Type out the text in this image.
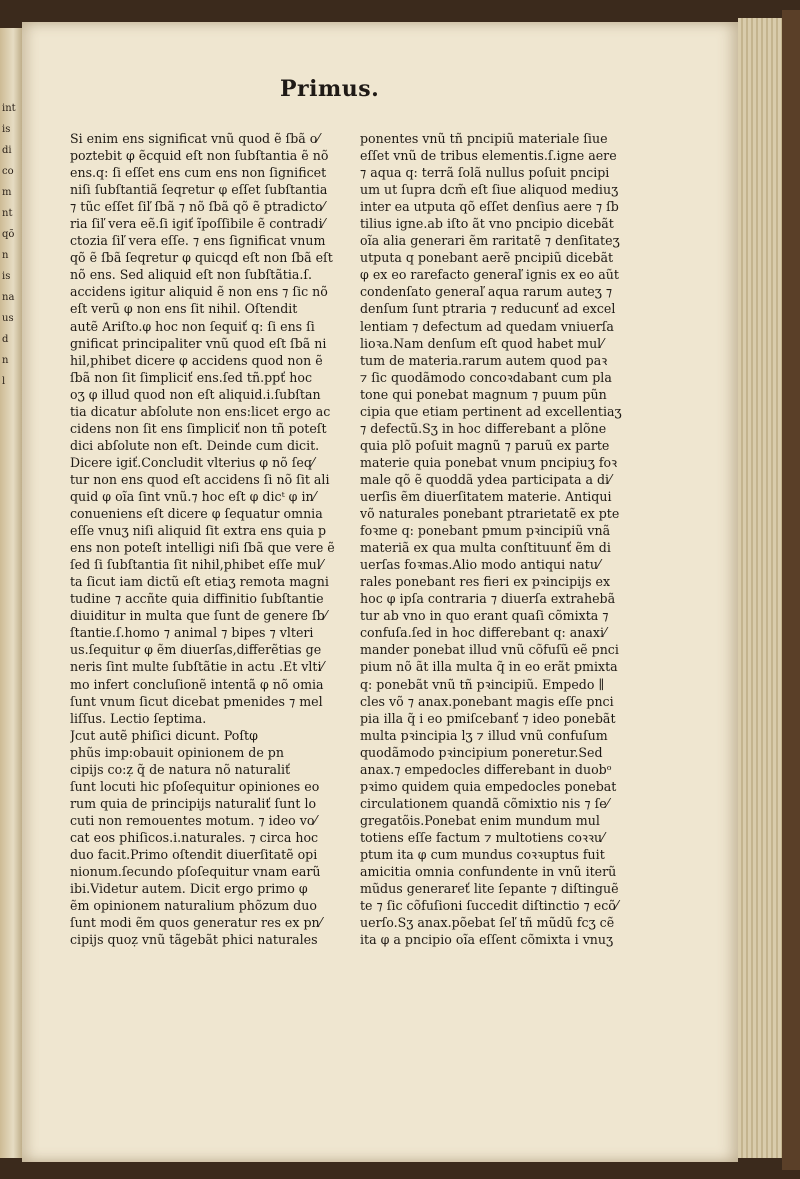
int
is
di
co
m
nt
qõ
n
is
na
us
d
n
l
Primus.
Si enim ens significat vnũ quod ẽ ſbã o⁄
poztebit φ ẽcquid eſt non ſubſtantia ẽ nõ
ens.q: ſi eſſet ens cum ens non ſignificet
niſi ſubſtantiã ſeqretur φ eſſet ſubſtantia
⁊ tũc eſſet ſiľ ſbã ⁊ nõ ſbã qõ ẽ ptradicto⁄
ria ſiľ vera eẽ.ſi igiť ĩpoſſibile ẽ contradi⁄
ctozia ſiľ vera eſſe. ⁊ ens ſignificat vnum
qõ ẽ ſbã ſeqretur φ quicqd eſt non ſbã eſt
nõ ens. Sed aliquid eſt non ſubſtãtia.ſ.
accidens igitur aliquid ẽ non ens ⁊ ſic nõ
eſt verũ φ non ens ſit nihil. Oſtendit
autẽ Ariſto.φ hoc non ſequiť q: ſi ens ſi
gnificat principaliter vnũ quod eſt ſbã ni
hil,phibet dicere φ accidens quod non ẽ
ſbã non ſit ſimpliciť ens.ſed tñ.ppť hoc
oʒ φ illud quod non eſt aliquid.i.ſubſtan
tia dicatur abſolute non ens:licet ergo ac
cidens non ſit ens ſimpliciť non tñ poteſt
dici abſolute non eſt. Deinde cum dicit.
Dicere igiť.Concludit vlterius φ nõ ſeq⁄
tur non ens quod eſt accidens ſi nõ ſit ali
quid φ oĩa ſint vnũ.⁊ hoc eſt φ dicᵗ φ in⁄
conueniens eſt dicere φ ſequatur omnia
eſſe vnuʒ niſi aliquid ſit extra ens quia p
ens non poteſt intelligi niſi ſbã que vere ẽ
ſed ſi ſubſtantia ſit nihil,phibet eſſe mul⁄
ta ſicut iam dictũ eſt etiaʒ remota magni
tudine ⁊ accñte quia diffinitio ſubſtantie
diuiditur in multa que ſunt de genere ſb⁄
ſtantie.ſ.homo ⁊ animal ⁊ bipes ⁊ vlteri
us.ſequitur φ ẽm diuerſas,differẽtias ge
neris ſint multe ſubſtãtie in actu .Et vlti⁄
mo infert concluſionẽ intentã φ nõ omia
ſunt vnum ſicut dicebat pmenides ⁊ mel
liſſus. Lectio ſeptima.
Jcut autẽ phiſici dicunt. Poſtφ
phũs imp:obauit opinionem de pn
cipijs co:ẓ q̃ de natura nõ naturaliť
ſunt locuti hic pſoſequitur opiniones eo
rum quia de principijs naturaliť ſunt lo
cuti non remouentes motum. ⁊ ideo vo⁄
cat eos phiſicos.i.naturales. ⁊ circa hoc
duo facit.Primo oſtendit diuerſitatẽ opi
nionum.ſecundo pſoſequitur vnam earũ
ibi.Videtur autem. Dicit ergo primo φ
ẽm opinionem naturalium phõzum duo
ſunt modi ẽm quos generatur res ex pn⁄
cipijs quoẓ vnũ tãgebãt phici naturales
ponentes vnũ tñ pncipiũ materiale ſiue
eſſet vnũ de tribus elementis.ſ.igne aere
⁊ aqua q: terrã ſolã nullus poſuit pncipi
um ut ſupra dcm̃ eſt ſiue aliquod mediuʒ
inter ea utputa qõ eſſet denſius aere ⁊ ſb
tilius igne.ab iſto ãt vno pncipio dicebãt
oĩa alia generari ẽm raritatẽ ⁊ denſitateʒ
utputa q ponebant aerẽ pncipiũ dicebãt
φ ex eo rarefacto generaľ ignis ex eo aũt
condenſato generaľ aqua rarum auteʒ ⁊
denſum ſunt ptraria ⁊ reducunť ad excel
lentiam ⁊ defectum ad quedam vniuerſa
lioꝛa.Nam denſum eſt quod habet mul⁄
tum de materia.rarum autem quod paꝛ
⁊ ſic quodãmodo concoꝛdabant cum pla
tone qui ponebat magnum ⁊ puum pũn
cipia que etiam pertinent ad excellentiaʒ
⁊ defectũ.Sʒ in hoc differebant a plõne
quia plõ poſuit magnũ ⁊ paruũ ex parte
materie quia ponebat vnum pncipiuʒ foꝛ
male qõ ẽ quoddã ydea participata a di⁄
uerſis ẽm diuerſitatem materie. Antiqui
võ naturales ponebant ptrarietatẽ ex pte
foꝛme q: ponebant pmum pꝛincipiũ vnã
materiã ex qua multa conſtituunť ẽm di
uerſas foꝛmas.Alio modo antiqui natu⁄
rales ponebant res fieri ex pꝛincipijs ex
hoc φ ipſa contraria ⁊ diuerſa extrahebã
tur ab vno in quo erant quaſi cõmixta ⁊
confuſa.ſed in hoc differebant q: anaxi⁄
mander ponebat illud vnũ cõfuſũ eẽ pnci
pium nõ ãt illa multa q̃ in eo erãt pmixta
q: ponebãt vnũ tñ pꝛincipiũ. Empedo ∥
cles võ ⁊ anax.ponebant magis eſſe pnci
pia illa q̃ i eo pmiſcebanť ⁊ ideo ponebãt
multa pꝛincipia lʒ ⁊ illud vnũ confuſum
quodãmodo pꝛincipium poneretur.Sed
anax.⁊ empedocles differebant in duobᵒ
pꝛimo quidem quia empedocles ponebat
circulationem quandã cõmixtio nis ⁊ ſe⁄
gregatõis.Ponebat enim mundum mul
totiens eſſe factum ⁊ multotiens coꝛꝛu⁄
ptum ita φ cum mundus coꝛꝛuptus fuit
amicitia omnia confundente in vnũ iterũ
mũdus generareť lite ſepante ⁊ diſtinguẽ
te ⁊ ſic cõfuſioni ſuccedit diſtinctio ⁊ ecõ⁄
uerſo.Sʒ anax.põebat ſeľ tñ mũdũ fcʒ cẽ
ita φ a pncipio oĩa eſſent cõmixta i vnuʒ
